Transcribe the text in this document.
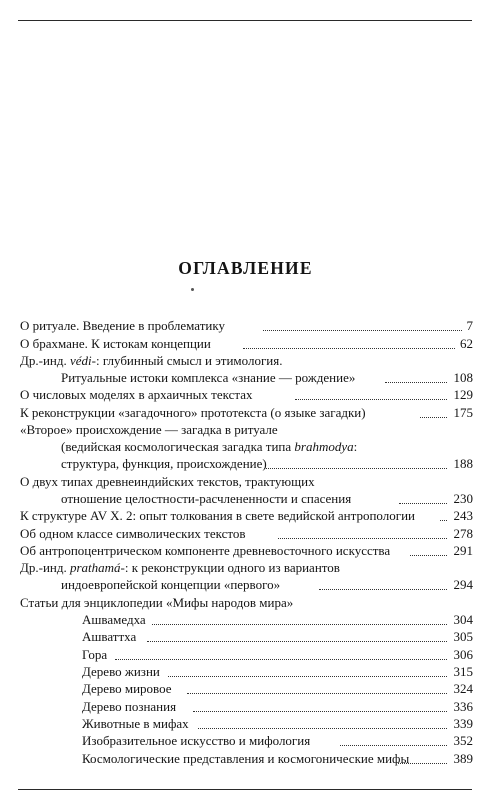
ОГЛАВЛЕНИЕ
О ритуале. Введение в проблематику	7
О брахмане. К истокам концепции	62
Др.-инд. védi-: глубинный смысл и этимология.
Ритуальные истоки комплекса «знание — рождение»	108
О числовых моделях в архаичных текстах	129
К реконструкции «загадочного» прототекста (о языке загадки)	175
«Второе» происхождение — загадка в ритуале
(ведийская космологическая загадка типа brahmodya:
структура, функция, происхождение)	188
О двух типах древнеиндийских текстов, трактующих
отношение целостности-расчлененности и спасения	230
К структуре AV X. 2: опыт толкования в свете ведийской антропологии	243
Об одном классе символических текстов	278
Об антропоцентрическом компоненте древневосточного искусства	291
Др.-инд. prathamá-: к реконструкции одного из вариантов
индоевропейской концепции «первого»	294
Статьи для энциклопедии «Мифы народов мира»
Ашвамедха	304
Ашваттха	305
Гора	306
Дерево жизни	315
Дерево мировое	324
Дерево познания	336
Животные в мифах	339
Изобразительное искусство и мифология	352
Космологические представления и космогонические мифы	389
